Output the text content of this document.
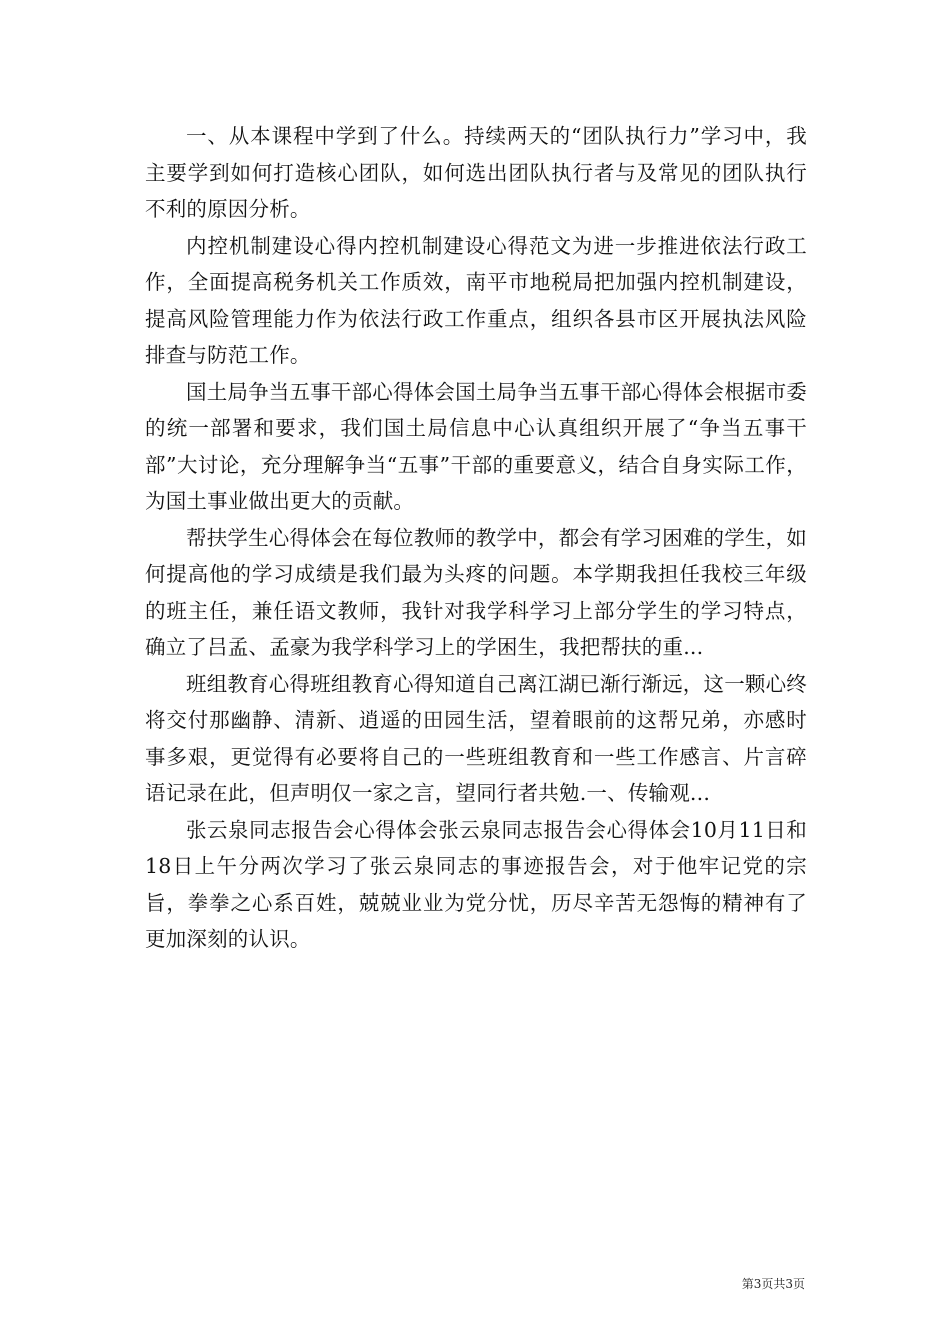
一、从本课程中学到了什么。持续两天的“团队执行力”学习中，我主要学到如何打造核心团队，如何选出团队执行者与及常见的团队执行不利的原因分析。

内控机制建设心得内控机制建设心得范文为进一步推进依法行政工作，全面提高税务机关工作质效，南平市地税局把加强内控机制建设，提高风险管理能力作为依法行政工作重点，组织各县市区开展执法风险排查与防范工作。

国土局争当五事干部心得体会国土局争当五事干部心得体会根据市委的统一部署和要求，我们国土局信息中心认真组织开展了“争当五事干部”大讨论，充分理解争当“五事”干部的重要意义，结合自身实际工作，为国土事业做出更大的贡献。

帮扶学生心得体会在每位教师的教学中，都会有学习困难的学生，如何提高他的学习成绩是我们最为头疼的问题。本学期我担任我校三年级的班主任，兼任语文教师，我针对我学科学习上部分学生的学习特点，确立了吕孟、孟豪为我学科学习上的学困生，我把帮扶的重...

班组教育心得班组教育心得知道自己离江湖已渐行渐远，这一颗心终将交付那幽静、清新、逍遥的田园生活，望着眼前的这帮兄弟，亦感时事多艰，更觉得有必要将自己的一些班组教育和一些工作感言、片言碎语记录在此，但声明仅一家之言，望同行者共勉.一、传输观...

张云泉同志报告会心得体会张云泉同志报告会心得体会10月11日和18日上午分两次学习了张云泉同志的事迹报告会，对于他牢记党的宗旨，拳拳之心系百姓，兢兢业业为党分忧，历尽辛苦无怨悔的精神有了更加深刻的认识。

第3页共3页
